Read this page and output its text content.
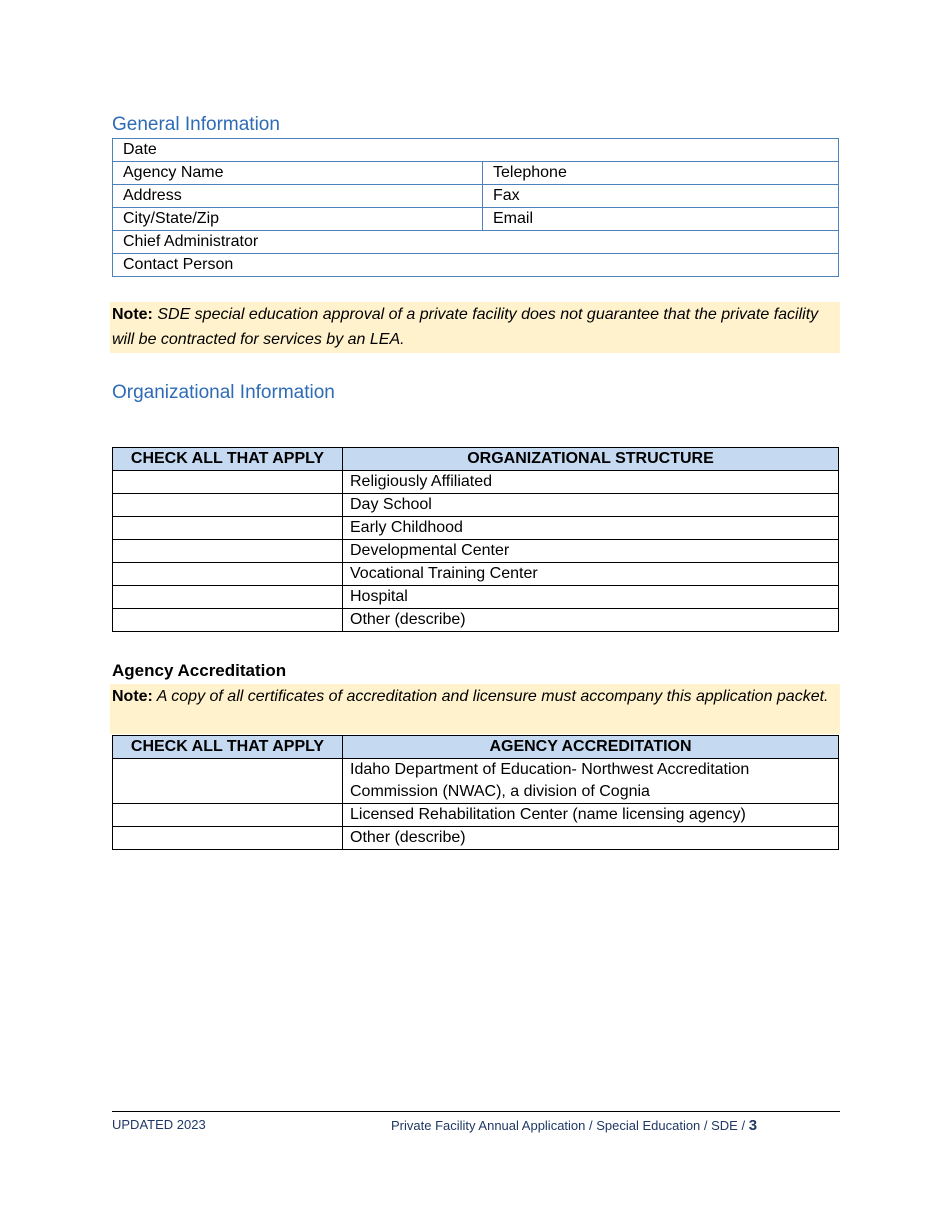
General Information
Date	
Agency Name	Telephone
Address	Fax
City/State/Zip	Email
Chief Administrator	
Contact Person	
Note: SDE special education approval of a private facility does not guarantee that the private facility will be contracted for services by an LEA.
Organizational Information
CHECK ALL THAT APPLY	ORGANIZATIONAL STRUCTURE
	Religiously Affiliated
	Day School
	Early Childhood
	Developmental Center
	Vocational Training Center
	Hospital
	Other (describe)
Agency Accreditation
Note: A copy of all certificates of accreditation and licensure must accompany this application packet.
CHECK ALL THAT APPLY	AGENCY ACCREDITATION
	Idaho Department of Education- Northwest Accreditation Commission (NWAC), a division of Cognia
	Licensed Rehabilitation Center (name licensing agency)
	Other (describe)
UPDATED 2023	Private Facility Annual Application / Special Education / SDE / 3
